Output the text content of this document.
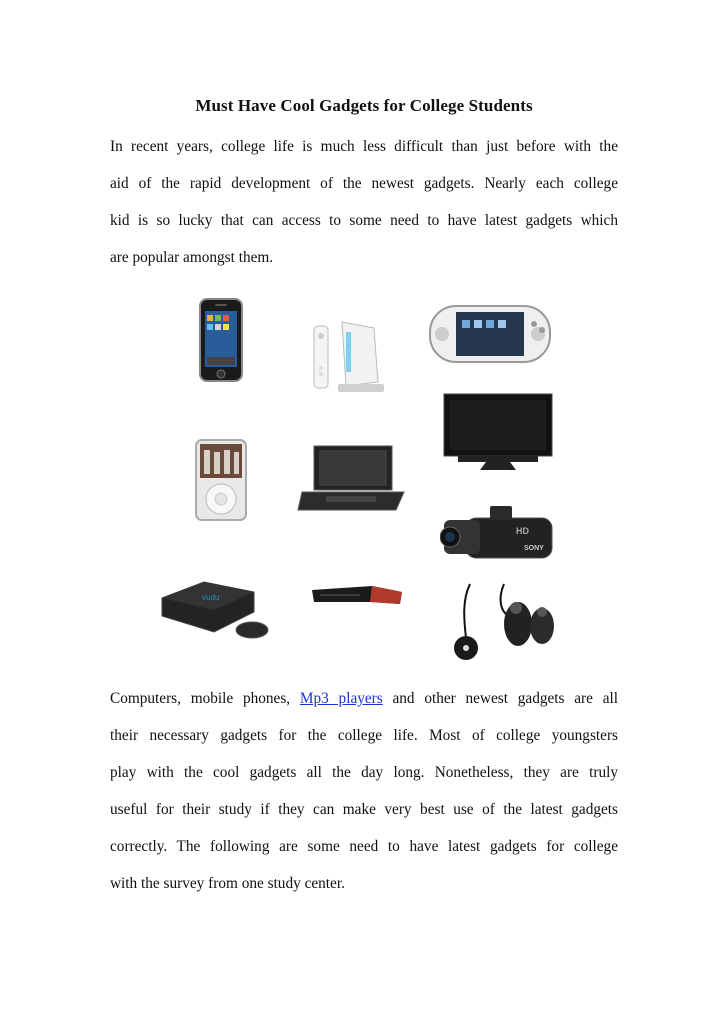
Must Have Cool Gadgets for College Students
In recent years, college life is much less difficult than just before with the
aid of the rapid development of the newest gadgets. Nearly each college
kid is so lucky that can access to some need to have latest gadgets which
are popular amongst them.
HD
SONY
vudu
Computers, mobile phones, Mp3 players and other newest gadgets are all
their necessary gadgets for the college life. Most of college youngsters
play with the cool gadgets all the day long. Nonetheless, they are truly
useful for their study if they can make very best use of the latest gadgets
correctly. The following are some need to have latest gadgets for college
with the survey from one study center.
